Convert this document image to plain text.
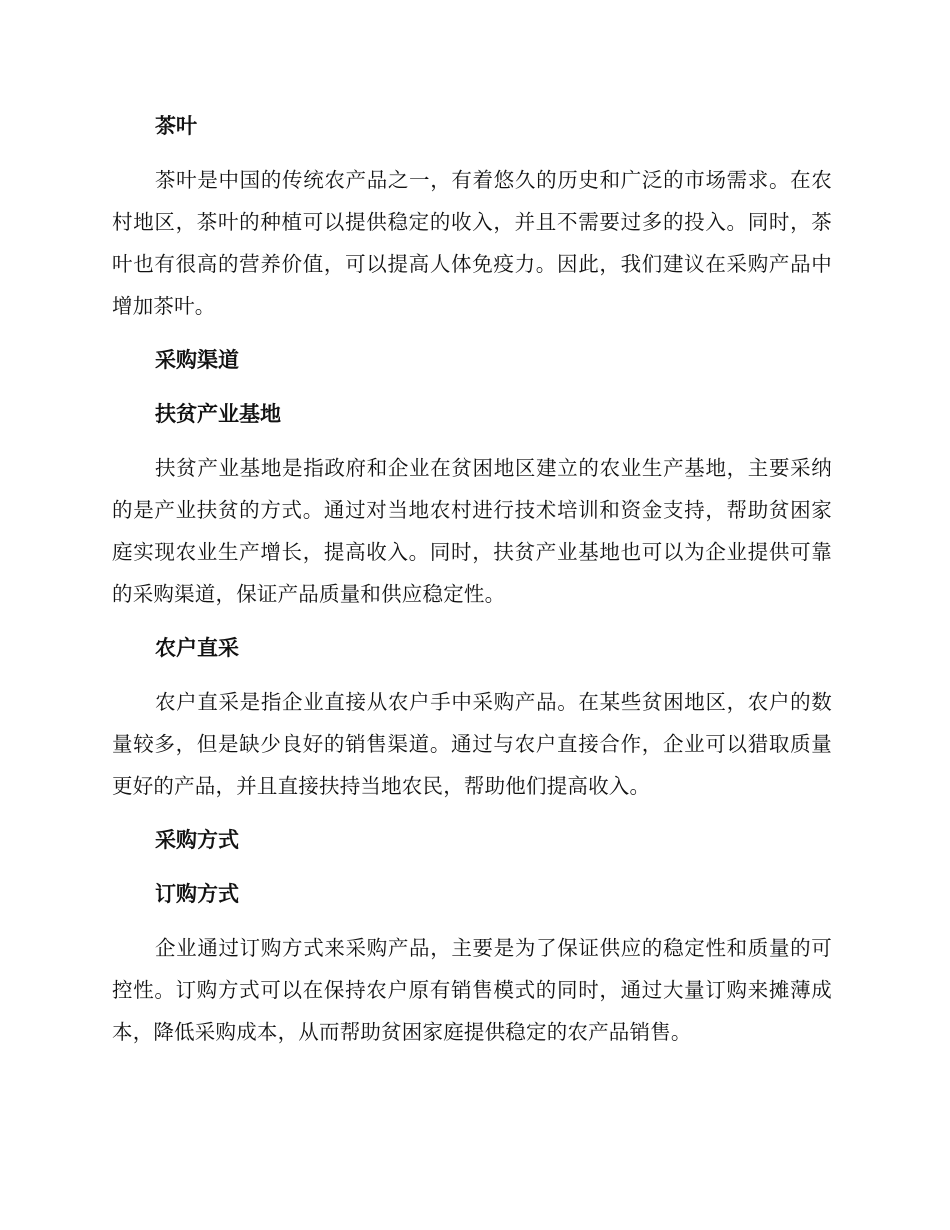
茶叶

茶叶是中国的传统农产品之一，有着悠久的历史和广泛的市场需求。在农村地区，茶叶的种植可以提供稳定的收入，并且不需要过多的投入。同时，茶叶也有很高的营养价值，可以提高人体免疫力。因此，我们建议在采购产品中增加茶叶。

采购渠道
扶贫产业基地

扶贫产业基地是指政府和企业在贫困地区建立的农业生产基地，主要采纳的是产业扶贫的方式。通过对当地农村进行技术培训和资金支持，帮助贫困家庭实现农业生产增长，提高收入。同时，扶贫产业基地也可以为企业提供可靠的采购渠道，保证产品质量和供应稳定性。

农户直采

农户直采是指企业直接从农户手中采购产品。在某些贫困地区，农户的数量较多，但是缺少良好的销售渠道。通过与农户直接合作，企业可以猎取质量更好的产品，并且直接扶持当地农民，帮助他们提高收入。

采购方式
订购方式

企业通过订购方式来采购产品，主要是为了保证供应的稳定性和质量的可控性。订购方式可以在保持农户原有销售模式的同时，通过大量订购来摊薄成本，降低采购成本，从而帮助贫困家庭提供稳定的农产品销售。
